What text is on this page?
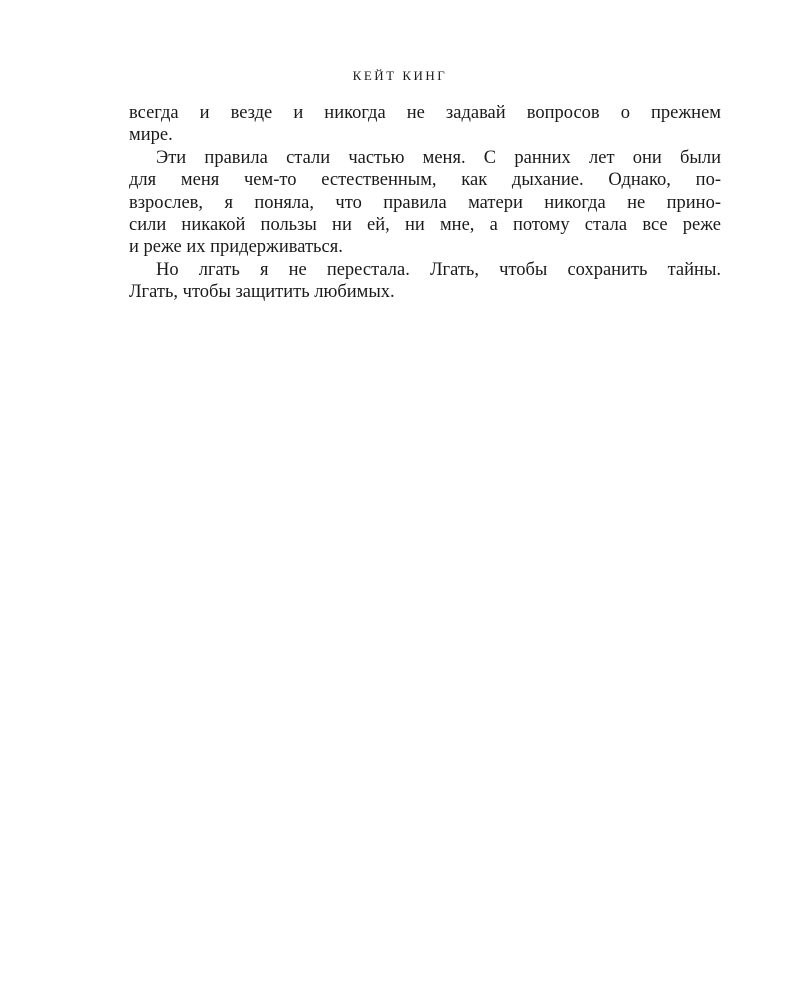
КЕЙТ КИНГ
всегда и везде и никогда не задавай вопросов о прежнем
мире.
Эти правила стали частью меня. С ранних лет они были
для меня чем-то естественным, как дыхание. Однако, по-
взрослев, я поняла, что правила матери никогда не прино-
сили никакой пользы ни ей, ни мне, а потому стала все реже
и реже их придерживаться.
Но лгать я не перестала. Лгать, чтобы сохранить тайны.
Лгать, чтобы защитить любимых.
